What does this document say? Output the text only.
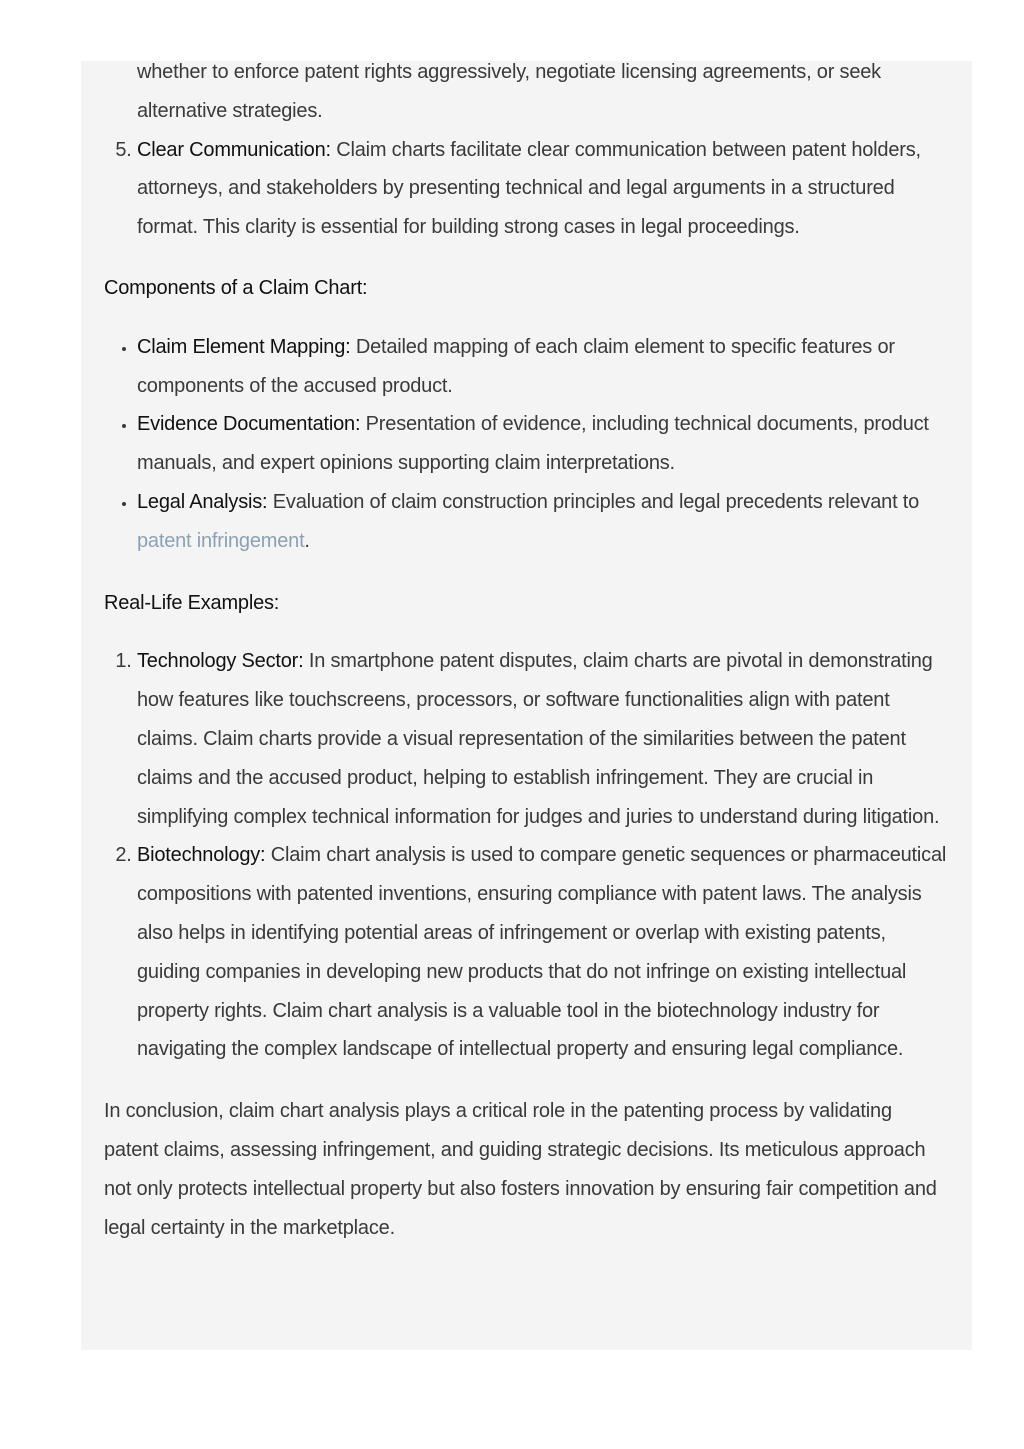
whether to enforce patent rights aggressively, negotiate licensing agreements, or seek alternative strategies.
5. Clear Communication: Claim charts facilitate clear communication between patent holders, attorneys, and stakeholders by presenting technical and legal arguments in a structured format. This clarity is essential for building strong cases in legal proceedings.

Components of a Claim Chart:

• Claim Element Mapping: Detailed mapping of each claim element to specific features or components of the accused product.
• Evidence Documentation: Presentation of evidence, including technical documents, product manuals, and expert opinions supporting claim interpretations.
• Legal Analysis: Evaluation of claim construction principles and legal precedents relevant to patent infringement.

Real-Life Examples:

1. Technology Sector: In smartphone patent disputes, claim charts are pivotal in demonstrating how features like touchscreens, processors, or software functionalities align with patent claims. Claim charts provide a visual representation of the similarities between the patent claims and the accused product, helping to establish infringement. They are crucial in simplifying complex technical information for judges and juries to understand during litigation.
2. Biotechnology: Claim chart analysis is used to compare genetic sequences or pharmaceutical compositions with patented inventions, ensuring compliance with patent laws. The analysis also helps in identifying potential areas of infringement or overlap with existing patents, guiding companies in developing new products that do not infringe on existing intellectual property rights. Claim chart analysis is a valuable tool in the biotechnology industry for navigating the complex landscape of intellectual property and ensuring legal compliance.

In conclusion, claim chart analysis plays a critical role in the patenting process by validating patent claims, assessing infringement, and guiding strategic decisions. Its meticulous approach not only protects intellectual property but also fosters innovation by ensuring fair competition and legal certainty in the marketplace.
